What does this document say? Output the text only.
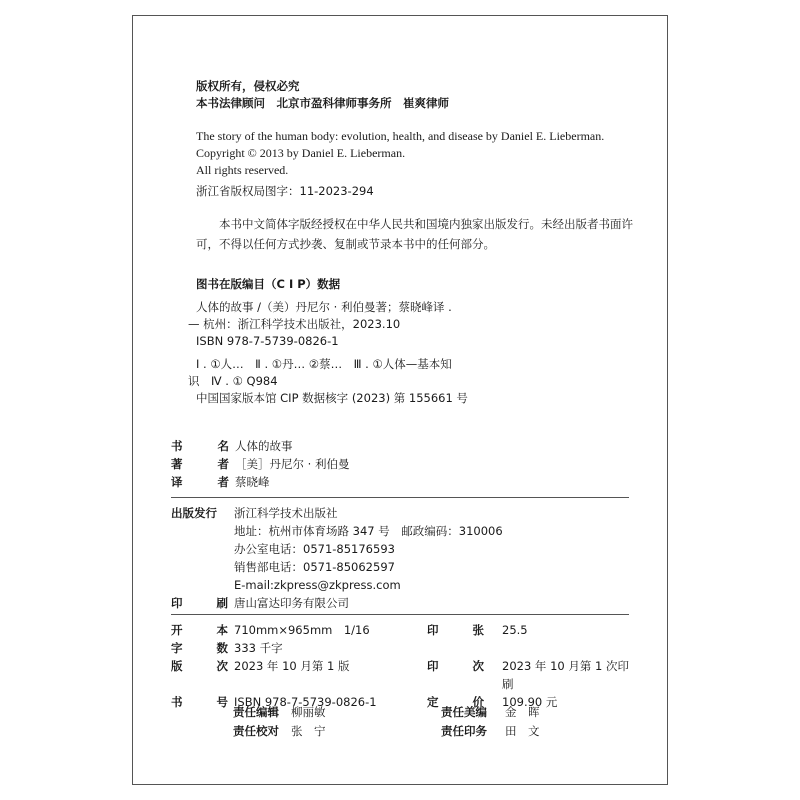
版权所有，侵权必究
本书法律顾问　北京市盈科律师事务所　崔爽律师
The story of the human body: evolution, health, and disease by Daniel E. Lieberman.
Copyright © 2013 by Daniel E. Lieberman.
All rights reserved.
浙江省版权局图字：11-2023-294
本书中文简体字版经授权在中华人民共和国境内独家出版发行。未经出版者书面许可，不得以任何方式抄袭、复制或节录本书中的任何部分。
图书在版编目（C I P）数据
人体的故事 /（美）丹尼尔 · 利伯曼著；蔡晓峰译 .
— 杭州：浙江科学技术出版社，2023.10
ISBN 978-7-5739-0826-1
Ⅰ . ①人…　Ⅱ . ①丹… ②蔡…　Ⅲ . ①人体—基本知
识　Ⅳ . ① Q984
中国国家版本馆 CIP 数据核字 (2023) 第 155661 号
书	名 人体的故事
著	者 ［美］丹尼尔 · 利伯曼
译	者 蔡晓峰
出版发行	浙江科学技术出版社
地址：杭州市体育场路 347 号　邮政编码：310006
办公室电话：0571-85176593
销售部电话：0571-85062597
E-mail:zkpress@zkpress.com
印	刷 唐山富达印务有限公司
开	本 710mm×965mm　1/16	印	张	25.5
字	数 333 千字
版	次 2023 年 10 月第 1 版	印	次	2023 年 10 月第 1 次印刷
书	号 ISBN 978-7-5739-0826-1	定	价	109.90 元
责任编辑	柳丽敏	责任美编	金　晖
责任校对	张　宁	责任印务	田　文
